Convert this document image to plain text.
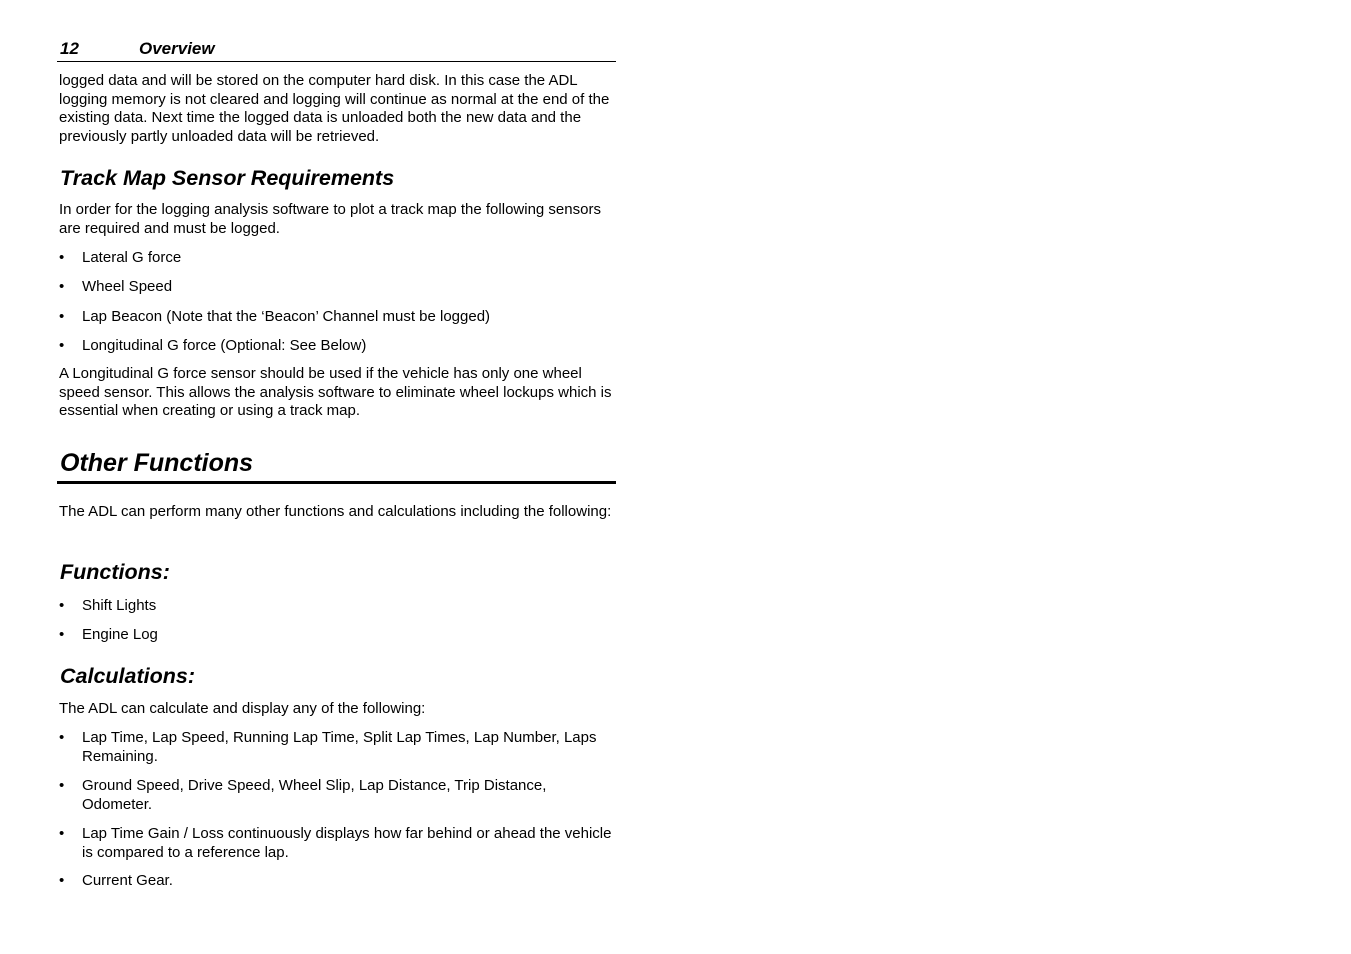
12	Overview

logged data and will be stored on the computer hard disk. In this case the ADL logging memory is not cleared and logging will continue as normal at the end of the existing data. Next time the logged data is unloaded both the new data and the previously partly unloaded data will be retrieved.

Track Map Sensor Requirements

In order for the logging analysis software to plot a track map the following sensors are required and must be logged.

• Lateral G force
• Wheel Speed
• Lap Beacon (Note that the ‘Beacon’ Channel must be logged)
• Longitudinal G force (Optional: See Below)

A Longitudinal G force sensor should be used if the vehicle has only one wheel speed sensor. This allows the analysis software to eliminate wheel lockups which is essential when creating or using a track map.

Other Functions

The ADL can perform many other functions and calculations including the following:

Functions:
• Shift Lights
• Engine Log
Calculations:

The ADL can calculate and display any of the following:

• Lap Time, Lap Speed, Running Lap Time, Split Lap Times, Lap Number, Laps Remaining.
• Ground Speed, Drive Speed, Wheel Slip, Lap Distance, Trip Distance, Odometer.
• Lap Time Gain / Loss continuously displays how far behind or ahead the vehicle is compared to a reference lap.
• Current Gear.
